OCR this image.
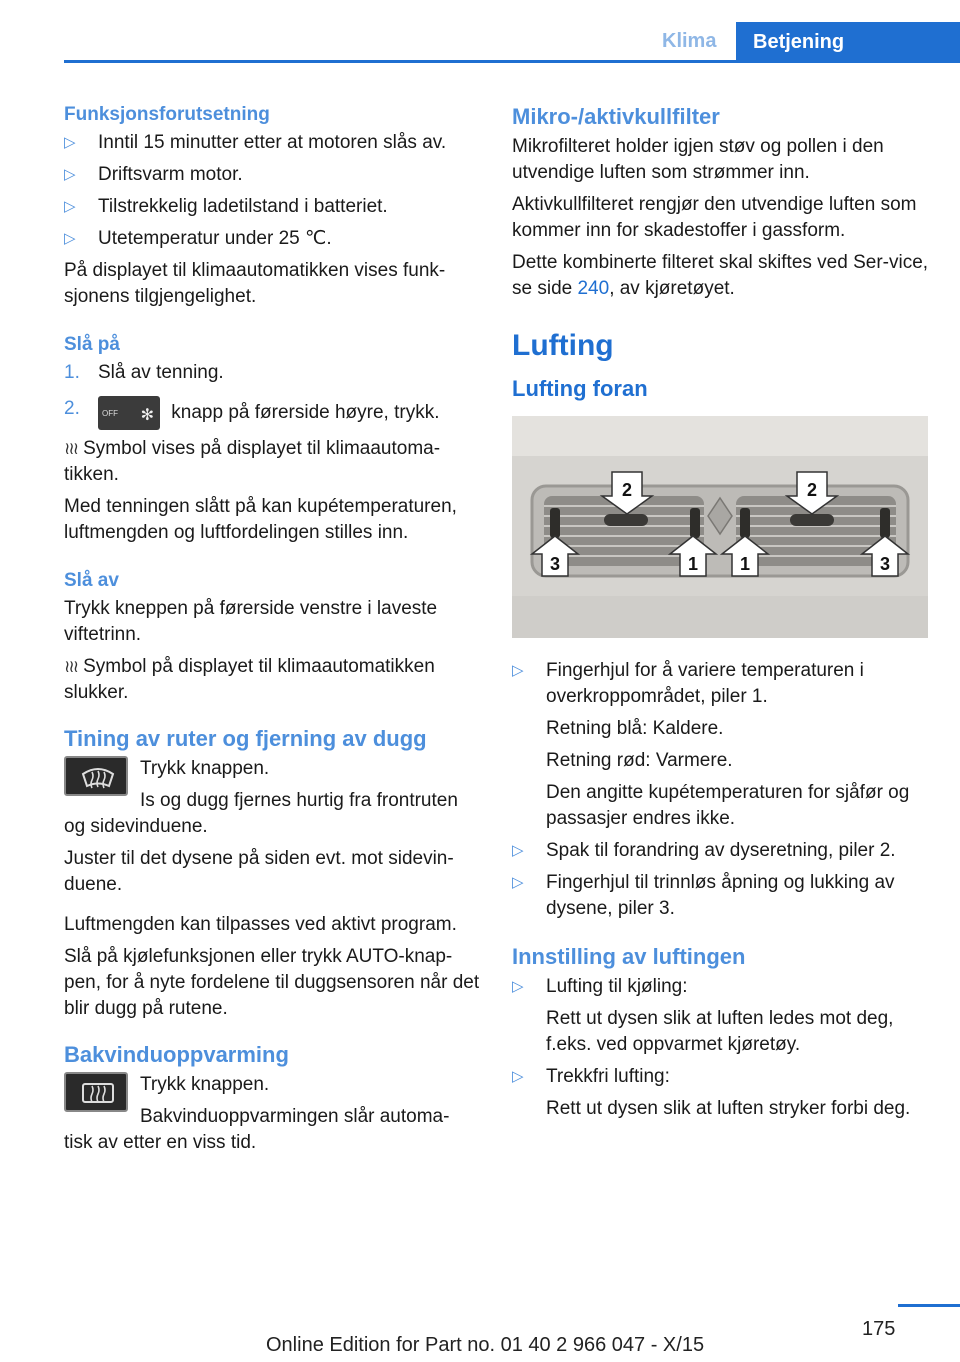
Klima Betjening
Funksjonsforutsetning
▷ Inntil 15 minutter etter at motoren slås av.
▷ Driftsvarm motor.
▷ Tilstrekkelig ladetilstand i batteriet.
▷ Utetemperatur under 25 ℃.

På displayet til klimaautomatikken vises funk‐sjonens tilgjengelighet.

Slå på
1. Slå av tenning.
2.	OFF ✻ knapp på førerside høyre, trykk.

≀≀≀ Symbol vises på displayet til klimaautoma‐tikken.

Med tenningen slått på kan kupétemperaturen, luftmengden og luftfordelingen stilles inn.

Slå av

Trykk kneppen på førerside venstre i laveste viftetrinn.

≀≀≀ Symbol på displayet til klimaautomatikken slukker.

Tining av ruter og fjerning av dugg

Trykk knappen.

Is og dugg fjernes hurtig fra frontruten

og sidevinduene.

Juster til det dysene på siden evt. mot sidevin‐duene.

Luftmengden kan tilpasses ved aktivt program.

Slå på kjølefunksjonen eller trykk AUTO-knap‐pen, for å nyte fordelene til duggsensoren når det blir dugg på rutene.

Bakvinduoppvarming

Trykk knappen.

Bakvinduoppvarmingen slår automa‐

tisk av etter en viss tid.

Mikro-/aktivkullfilter

Mikrofilteret holder igjen støv og pollen i den utvendige luften som strømmer inn.

Aktivkullfilteret rengjør den utvendige luften som kommer inn for skadestoffer i gassform.

Dette kombinerte filteret skal skiftes ved Ser‐vice, se side 240, av kjøretøyet.

Lufting
Lufting foran
2	2
3	1 1	3
▷ Fingerhjul for å variere temperaturen i overkroppområdet, piler 1.

Retning blå: Kaldere.

Retning rød: Varmere.

Den angitte kupétemperaturen for sjåfør og passasjer endres ikke.

▷ Spak til forandring av dyseretning, piler 2.
▷ Fingerhjul til trinnløs åpning og lukking av dysene, piler 3.
Innstilling av luftingen
▷ Lufting til kjøling:

Rett ut dysen slik at luften ledes mot deg, f.eks. ved oppvarmet kjøretøy.

▷ Trekkfri lufting:

Rett ut dysen slik at luften stryker forbi deg.

175
Online Edition for Part no. 01 40 2 966 047 - X/15
